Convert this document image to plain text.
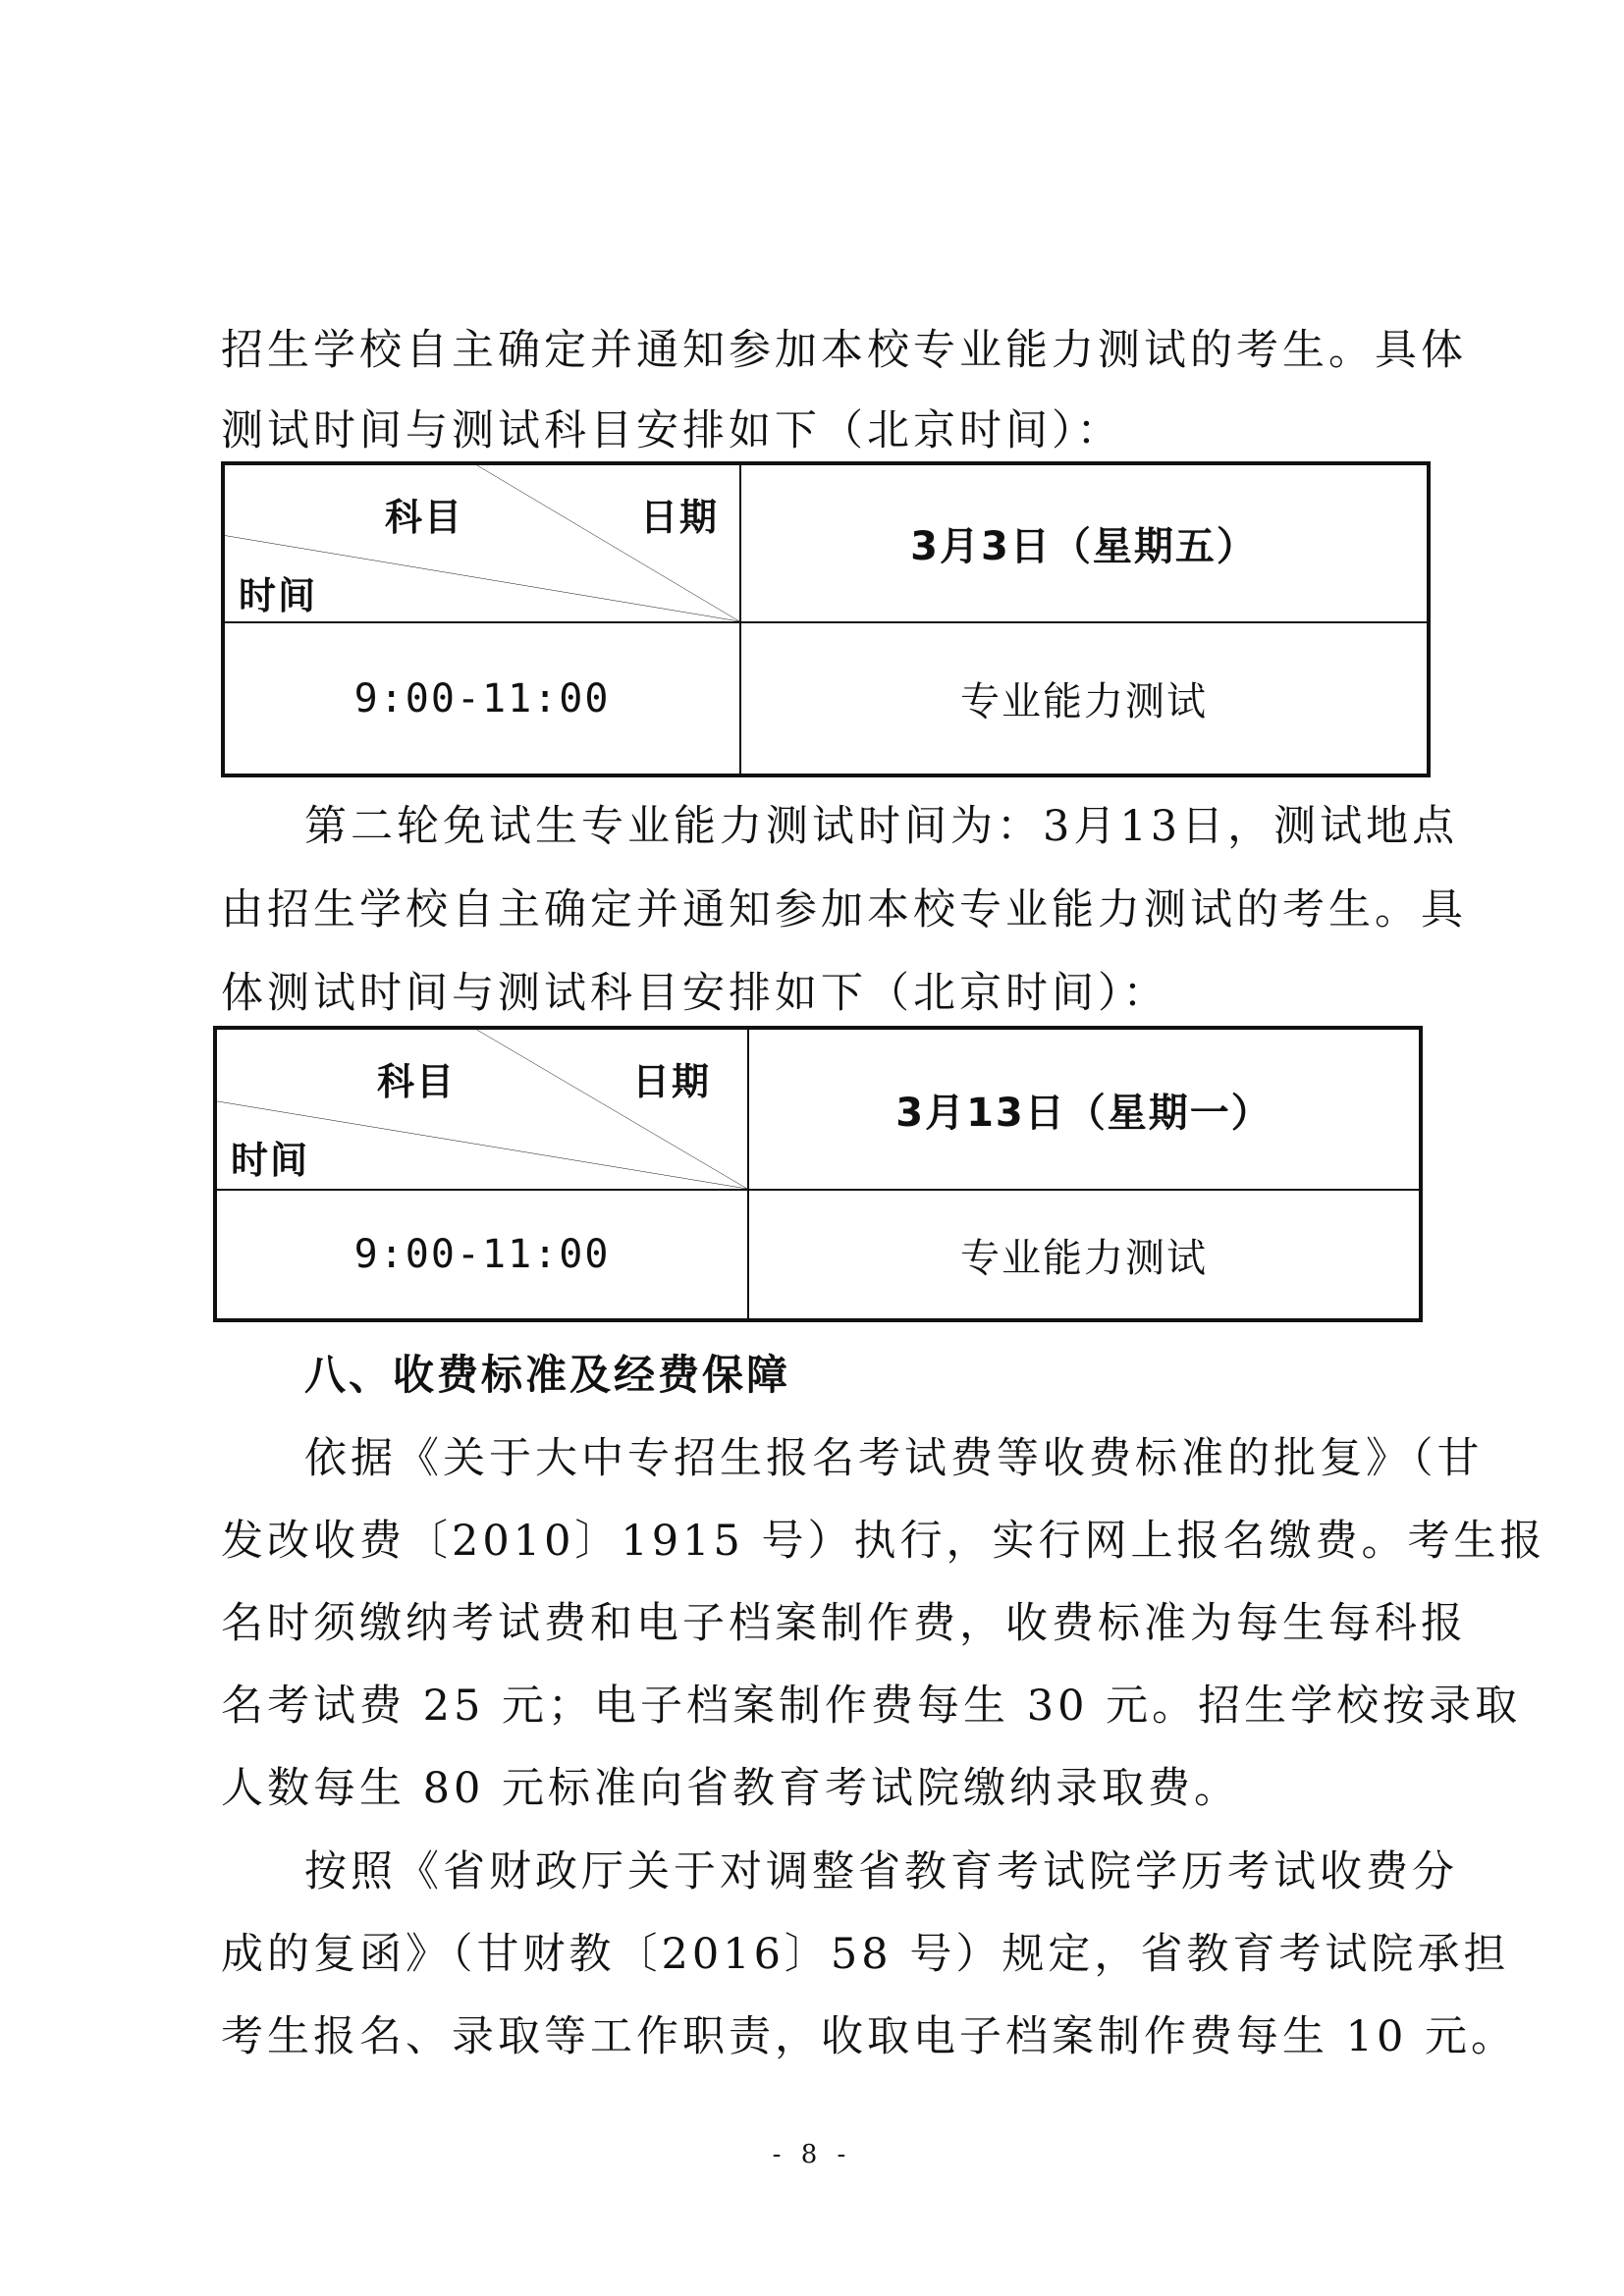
招生学校自主确定并通知参加本校专业能力测试的考生。具体
测试时间与测试科目安排如下（北京时间）：
科目 日期
时间	3月3日（星期五）
9:00-11:00	专业能力测试
第二轮免试生专业能力测试时间为：3月13日，测试地点
由招生学校自主确定并通知参加本校专业能力测试的考生。具
体测试时间与测试科目安排如下（北京时间）：
科目 日期
时间	3月13日（星期一）
9:00-11:00	专业能力测试
八、收费标准及经费保障
依据《关于大中专招生报名考试费等收费标准的批复》（甘
发改收费〔2010〕1915 号）执行，实行网上报名缴费。考生报
名时须缴纳考试费和电子档案制作费，收费标准为每生每科报
名考试费 25 元；电子档案制作费每生 30 元。招生学校按录取
人数每生 80 元标准向省教育考试院缴纳录取费。
按照《省财政厅关于对调整省教育考试院学历考试收费分
成的复函》（甘财教〔2016〕58 号）规定，省教育考试院承担
考生报名、录取等工作职责，收取电子档案制作费每生 10 元。
- 8 -
